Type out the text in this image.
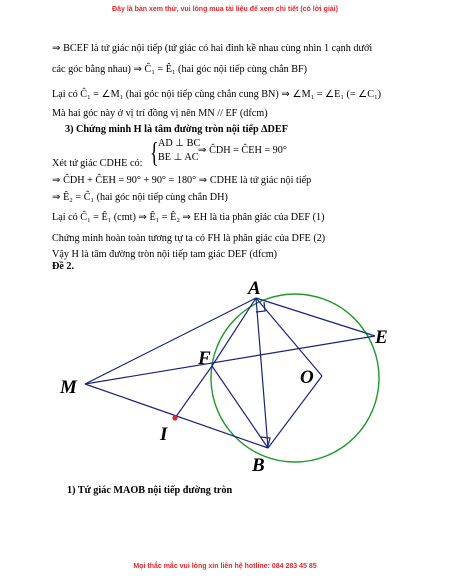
Đây là bản xem thử, vui lòng mua tài liệu để xem chi tiết (có lời giải)
⇒ BCEF là tứ giác nội tiếp (tứ giác có hai đỉnh kề nhau cùng nhìn 1 cạnh dưới
các góc bằng nhau) ⇒ Ĉ₁ = Ê₁ (hai góc nội tiếp cùng chắn BF)
Lại có Ĉ₁ = ∠M₁ (hai góc nội tiếp cùng chắn cung BN) ⇒ ∠M₁ = ∠E₁ (= ∠C₁)
Mà hai góc này ở vị trí đồng vị nên MN // EF (dfcm)
3) Chứng minh H là tâm đường tròn nội tiếp ΔDEF
{ AD ⊥ BC
BE ⊥ AC
⇒ ĈDH = ĈEH = 90°
Xét tứ giác CDHE có:
⇒ ĈDH + ĈEH = 90° + 90° = 180° ⇒ CDHE là tứ giác nội tiếp
⇒ Ê₂ = Ĉ₁ (hai góc nội tiếp cùng chắn DH)
Lại có Ĉ₁ = Ê₁ (cmt) ⇒ Ê₁ = Ê₂ ⇒ EH là tia phân giác của DEF (1)
Chứng minh hoàn toàn tương tự ta có FH là phân giác của DFE (2)
Vậy H là tâm đường tròn nội tiếp tam giác DEF (dfcm)
Đề 2.
A
E
F
O
M
I
B
1) Tứ giác MAOB nội tiếp đường tròn
Mọi thắc mắc vui lòng xin liên hệ hotline: 084 283 45 85
